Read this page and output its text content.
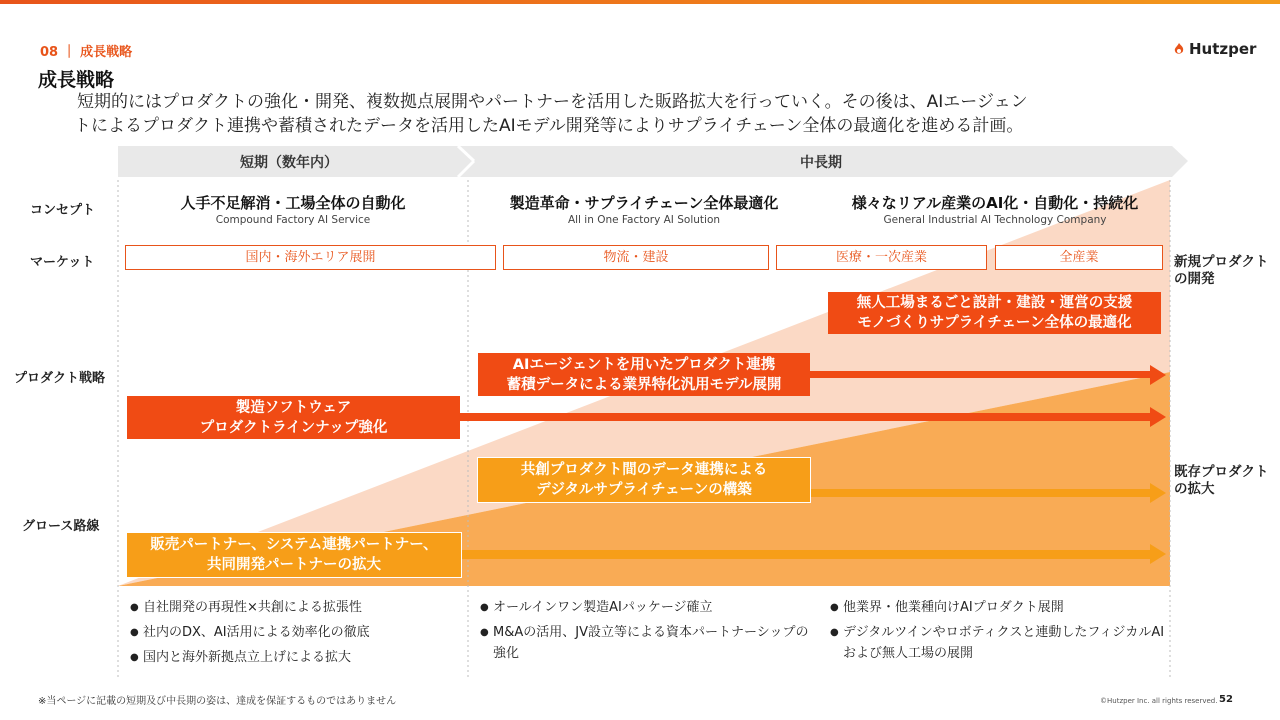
08 ｜ 成長戦略	Hutzper
成長戦略
短期的にはプロダクトの強化・開発、複数拠点展開やパートナーを活用した販路拡大を行っていく。その後は、AIエージェン
トによるプロダクト連携や蓄積されたデータを活用したAIモデル開発等によりサプライチェーン全体の最適化を進める計画。
短期（数年内）	中長期
コンセプト
マーケット
プロダクト戦略
グロース路線
人手不足解消・工場全体の自動化
Compound Factory AI Service
製造革命・サプライチェーン全体最適化
All in One Factory AI Solution
様々なリアル産業のAI化・自動化・持続化
General Industrial AI Technology Company
国内・海外エリア展開	物流・建設	医療・一次産業	全産業
無人工場まるごと設計・建設・運営の支援
モノづくりサプライチェーン全体の最適化
AIエージェントを用いたプロダクト連携
蓄積データによる業界特化汎用モデル展開
製造ソフトウェア
プロダクトラインナップ強化
共創プロダクト間のデータ連携による
デジタルサプライチェーンの構築
販売パートナー、システム連携パートナー、
共同開発パートナーの拡大
新規プロダクト
の開発
既存プロダクト
の拡大
● 自社開発の再現性×共創による拡張性
● 社内のDX、AI活用による効率化の徹底
● 国内と海外新拠点立上げによる拡大
● オールインワン製造AIパッケージ確立
● M&Aの活用、JV設立等による資本パートナーシップの強化
● 他業界・他業種向けAIプロダクト展開
● デジタルツインやロボティクスと連動したフィジカルAIおよび無人工場の展開
※当ページに記載の短期及び中長期の姿は、達成を保証するものではありません	©Hutzper Inc. all rights reserved. 52
